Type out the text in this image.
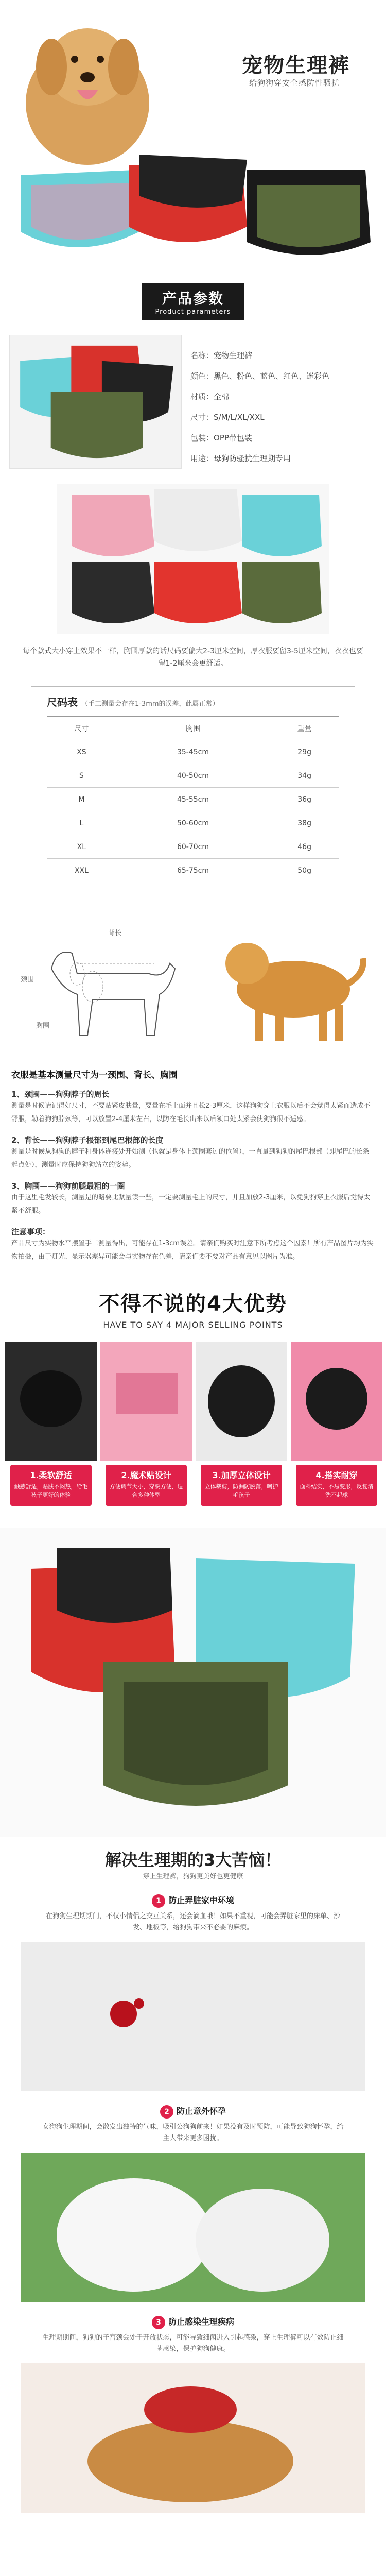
宠物生理裤
给狗狗穿安全感防性骚扰
产品参数
Product parameters
名称：宠物生理裤
颜色：黑色、粉色、蓝色、红色、迷彩色
材质：全棉
尺寸：S/M/L/XL/XXL
包装：OPP带包装
用途：母狗防骚扰生理期专用
每个款式大小穿上效果不一样，胸围厚款的话尺码要偏大2-3厘米空间，厚衣服要留3-5厘米空间，衣衣也要留1-2厘米会更舒适。
尺码表 （手工测量会存在1-3mm的误差，此属正常）
尺寸	胸围	重量
XS	35-45cm	29g
S	40-50cm	34g
M	45-55cm	36g
L	50-60cm	38g
XL	60-70cm	46g
XXL	65-75cm	50g
背长
颈围
胸围
衣服是基本测量尺寸为一颈围、背长、胸围
1、颈围——狗狗脖子的周长

测量是时候请记得好尺寸，不要贴紧皮肤量，要量在毛上面并且松2-3厘米，这样狗狗穿上衣服以后不会觉得太紧而造成不舒服，勒着狗狗脖颈等，可以放置2-4厘米左右，以防在毛长出来以后领口处太紧会使狗狗很不适感。

2、背长——狗狗脖子根部到尾巴根部的长度

测量是时候从狗狗的脖子和身体连接处开始测（也就是身体上颈圈套过的位置），一直量到狗狗的尾巴根部（即尾巴的长条起点处），测量时应保持狗狗站立的姿势。

3、胸围——狗狗前腿最粗的一圈

由于这里毛发较长，测量是的略要比紧量读一些，一定要测量毛上的尺寸，并且加放2-3厘米，以免狗狗穿上衣服后觉得太紧不舒服。

注意事项：

产品尺寸为实物水平摆置手工测量得出，可能存在1-3cm误差。请亲们购买时注意下所考虑这个因素！所有产品图片均为实物拍摄，由于灯光、显示器差异可能会与实物存在色差，请亲们要不要对产品有意见以图片为准。

不得不说的4大优势
HAVE TO SAY 4 MAJOR SELLING POINTS
1.柔软舒适
触感舒适，贴肤不闷热，给毛孩子更好的体验
2.魔术贴设计
方便调节大小，穿脱方便，适合多种体型
3.加厚立体设计
立体裁剪，防漏防脱落，呵护毛孩子
4.搭实耐穿
面料结实，不易变形，反复清洗不起球
解决生理期的3大苦恼！
穿上生理裤，狗狗更美好也更健康
1 防止弄脏家中环境
在狗狗生理期期间，不仅小情侣之交互关系，还会滴血哦！如果不重视，可能会弄脏家里的床单、沙发、地板等，给狗狗带来不必要的麻烦。
2 防止意外怀孕
女狗狗生理期间，会散发出独特的气味，吸引公狗狗前来！如果没有及时预防，可能导致狗狗怀孕，给主人带来更多困扰。
3 防止感染生理疾病
生理期期间，狗狗的子宫颈会处于开放状态，可能导致细菌进入引起感染，穿上生理裤可以有效防止细菌感染，保护狗狗健康。
